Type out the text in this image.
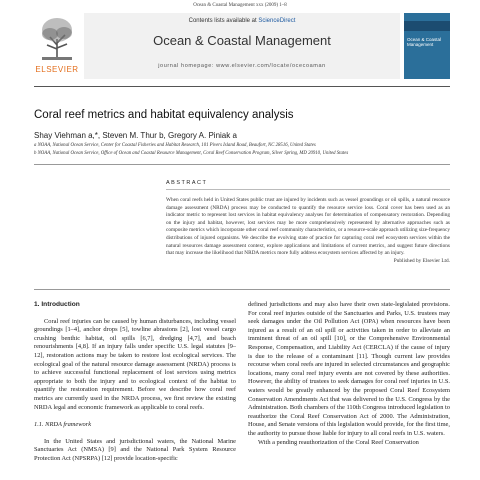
Ocean & Coastal Management xxx (2009) 1–8
ELSEVIER
Contents lists available at ScienceDirect
Ocean & Coastal Management
journal homepage: www.elsevier.com/locate/ocecoaman
Ocean & Coastal Management
Coral reef metrics and habitat equivalency analysis
Shay Viehman a,*, Steven M. Thur b, Gregory A. Piniak a
a NOAA, National Ocean Service, Center for Coastal Fisheries and Habitat Research, 101 Pivers Island Road, Beaufort, NC 28516, United States
b NOAA, National Ocean Service, Office of Ocean and Coastal Resource Management, Coral Reef Conservation Program, Silver Spring, MD 20910, United States
ABSTRACT
When coral reefs held in United States public trust are injured by incidents such as vessel groundings or oil spills, a natural resource damage assessment (NRDA) process may be conducted to quantify the resource service loss. Coral cover has been used as an indicator metric to represent lost services in habitat equivalency analyses for determination of compensatory restoration. Depending on the injury and habitat, however, lost services may be more comprehensively represented by alternative approaches such as composite metrics which incorporate other coral reef community characteristics, or a resource-scale approach utilizing size-frequency distributions of injured organisms. We describe the evolving state of practice for capturing coral reef ecosystem services within the natural resources damage assessment context, explore applications and limitations of current metrics, and suggest future directions that may increase the likelihood that NRDA metrics more fully address ecosystem services affected by an injury.
Published by Elsevier Ltd.
1. Introduction

Coral reef injuries can be caused by human disturbances, including vessel groundings [1–4], anchor drops [5], towline abrasions [2], lost vessel cargo crushing benthic habitat, oil spills [6,7], dredging [4,7], and beach renourishments [4,8]. If an injury falls under specific U.S. legal statutes [9–12], restoration actions may be taken to restore lost ecological services. The ecological goal of the natural resource damage assessment (NRDA) process is to achieve successful functional replacement of lost services using metrics appropriate to both the injury and to ecological context of the habitat to quantify the restoration requirement. Before we describe how coral reef metrics are currently used in the NRDA process, we first review the existing NRDA legal and economic framework as applicable to coral reefs.

1.1. NRDA framework

In the United States and jurisdictional waters, the National Marine Sanctuaries Act (NMSA) [9] and the National Park System Resource Protection Act (NPSRPA) [12] provide location-specific

defined jurisdictions and may also have their own state-legislated provisions. For coral reef injuries outside of the Sanctuaries and Parks, U.S. trustees may seek damages under the Oil Pollution Act (OPA) when resources have been injured as a result of an oil spill or activities taken in order to alleviate an imminent threat of an oil spill [10], or the Comprehensive Environmental Response, Compensation, and Liability Act (CERCLA) if the cause of injury is due to the release of a contaminant [11]. Though current law provides recourse when coral reefs are injured in selected circumstances and geographic locations, many coral reef injury events are not covered by these authorities. However, the ability of trustees to seek damages for coral reef injuries in U.S. waters would be greatly enhanced by the proposed Coral Reef Ecosystem Conservation Amendments Act that was delivered to the U.S. Congress by the Administration. Both chambers of the 110th Congress introduced legislation to reauthorize the Coral Reef Conservation Act of 2000. The Administration, House, and Senate versions of this legislation would provide, for the first time, the authority to pursue those liable for injury to all coral reefs in U.S. waters.

With a pending reauthorization of the Coral Reef Conservation
